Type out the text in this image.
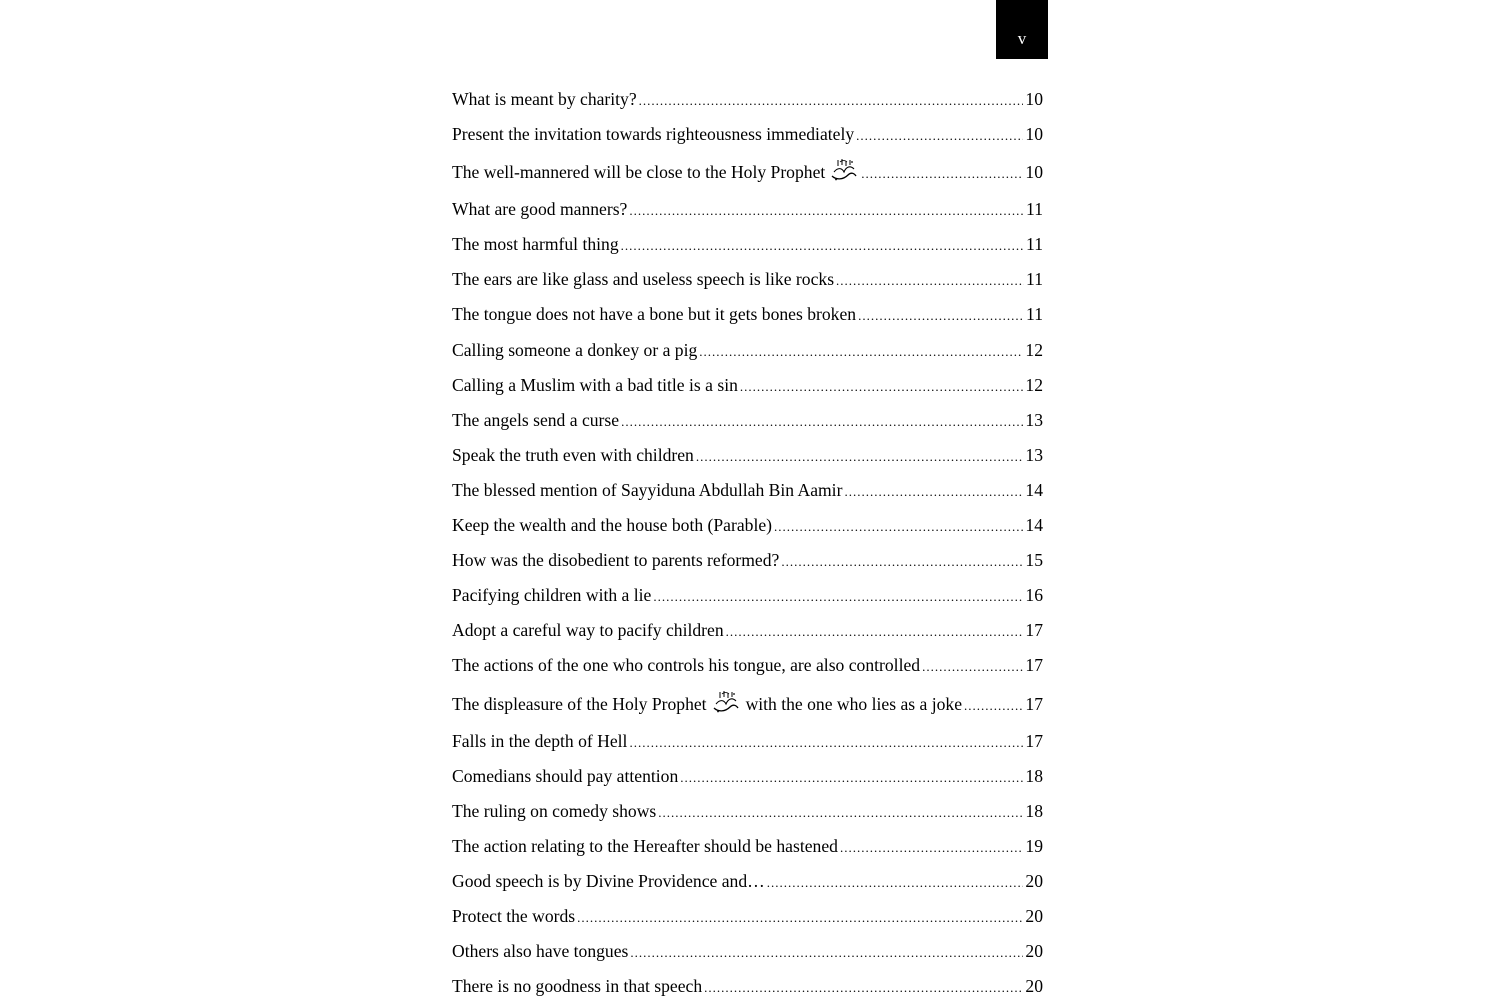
v
What is meant by charity? .....	10
Present the invitation towards righteousness immediately .....	10
The well-mannered will be close to the Holy Prophet .....	10
What are good manners? .....	11
The most harmful thing .....	11
The ears are like glass and useless speech is like rocks .....	11
The tongue does not have a bone but it gets bones broken .....	11
Calling someone a donkey or a pig .....	12
Calling a Muslim with a bad title is a sin .....	12
The angels send a curse .....	13
Speak the truth even with children .....	13
The blessed mention of Sayyiduna Abdullah Bin Aamir .....	14
Keep the wealth and the house both (Parable) .....	14
How was the disobedient to parents reformed? .....	15
Pacifying children with a lie .....	16
Adopt a careful way to pacify children .....	17
The actions of the one who controls his tongue, are also controlled .....	17
The displeasure of the Holy Prophet with the one who lies as a joke .....	17
Falls in the depth of Hell .....	17
Comedians should pay attention .....	18
The ruling on comedy shows .....	18
The action relating to the Hereafter should be hastened .....	19
Good speech is by Divine Providence and… .....	20
Protect the words .....	20
Others also have tongues .....	20
There is no goodness in that speech .....	20
